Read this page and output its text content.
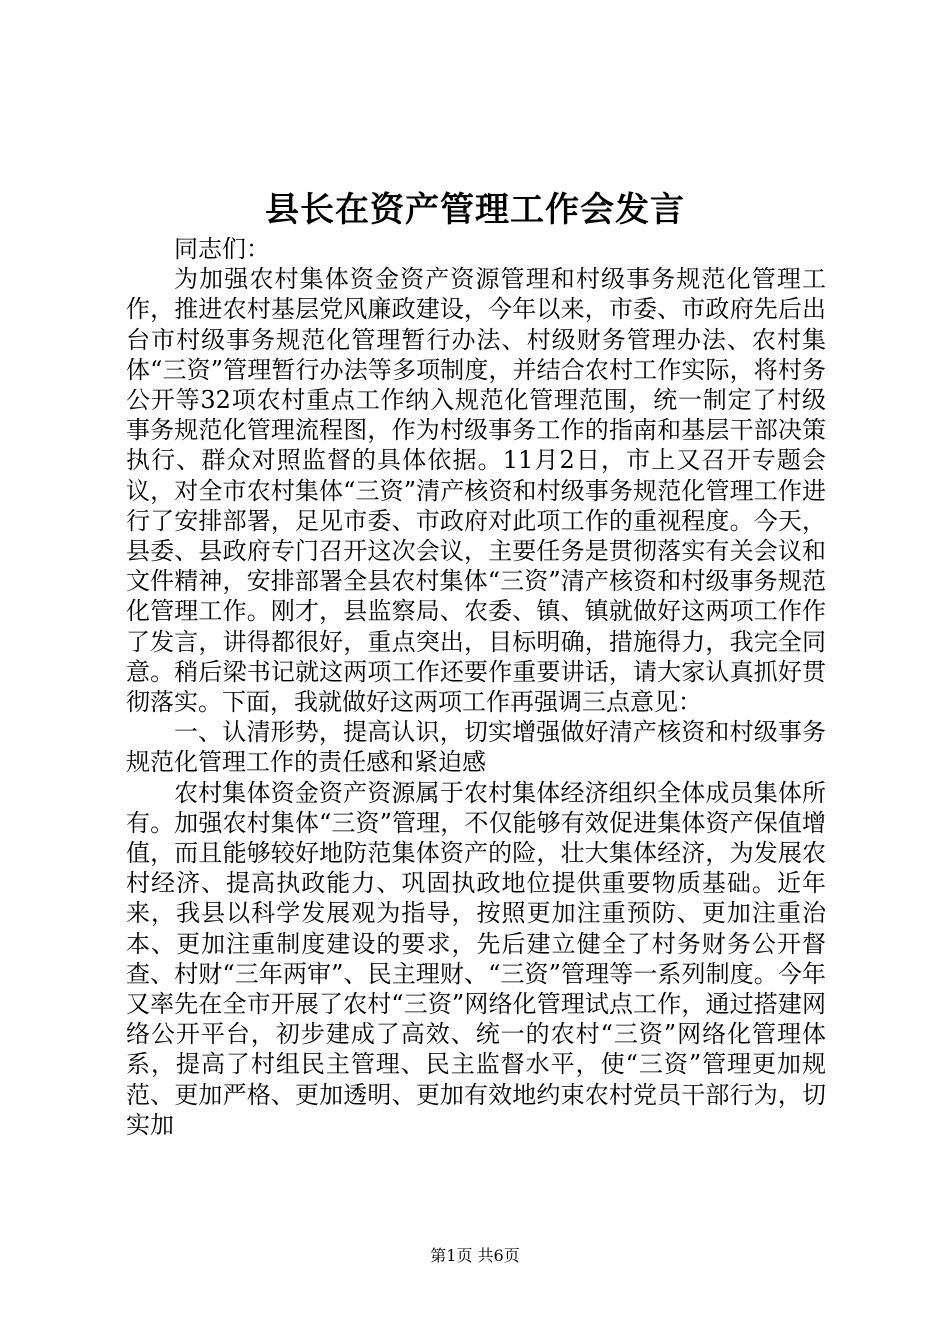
县长在资产管理工作会发言

同志们：

为加强农村集体资金资产资源管理和村级事务规范化管理工作，推进农村基层党风廉政建设，今年以来，市委、市政府先后出台市村级事务规范化管理暂行办法、村级财务管理办法、农村集体“三资”管理暂行办法等多项制度，并结合农村工作实际，将村务公开等32项农村重点工作纳入规范化管理范围，统一制定了村级事务规范化管理流程图，作为村级事务工作的指南和基层干部决策执行、群众对照监督的具体依据。11月2日，市上又召开专题会议，对全市农村集体“三资”清产核资和村级事务规范化管理工作进行了安排部署，足见市委、市政府对此项工作的重视程度。今天，县委、县政府专门召开这次会议，主要任务是贯彻落实有关会议和文件精神，安排部署全县农村集体“三资”清产核资和村级事务规范化管理工作。刚才，县监察局、农委、镇、镇就做好这两项工作作了发言，讲得都很好，重点突出，目标明确，措施得力，我完全同意。稍后梁书记就这两项工作还要作重要讲话，请大家认真抓好贯彻落实。下面，我就做好这两项工作再强调三点意见：

一、认清形势，提高认识，切实增强做好清产核资和村级事务规范化管理工作的责任感和紧迫感

农村集体资金资产资源属于农村集体经济组织全体成员集体所有。加强农村集体“三资”管理，不仅能够有效促进集体资产保值增值，而且能够较好地防范集体资产的险，壮大集体经济，为发展农村经济、提高执政能力、巩固执政地位提供重要物质基础。近年来，我县以科学发展观为指导，按照更加注重预防、更加注重治本、更加注重制度建设的要求，先后建立健全了村务财务公开督查、村财“三年两审”、民主理财、“三资”管理等一系列制度。今年又率先在全市开展了农村“三资”网络化管理试点工作，通过搭建网络公开平台，初步建成了高效、统一的农村“三资”网络化管理体系，提高了村组民主管理、民主监督水平，使“三资”管理更加规范、更加严格、更加透明、更加有效地约束农村党员干部行为，切实加

第1页 共6页
